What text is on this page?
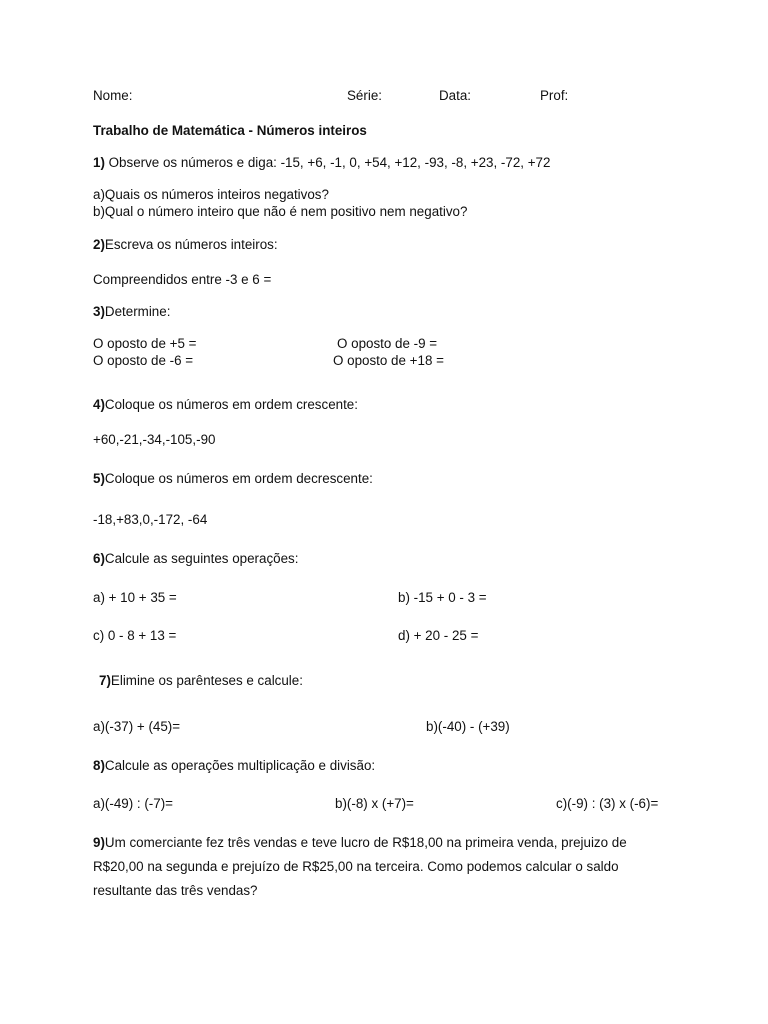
Nome:	Série:	Data:	Prof:
Trabalho de Matemática - Números inteiros
1) Observe os números e diga: -15, +6, -1, 0, +54, +12, -93, -8, +23, -72, +72
a)Quais os números inteiros negativos?
b)Qual o número inteiro que não é nem positivo nem negativo?
2)Escreva os números inteiros:
Compreendidos entre -3 e 6 =
3)Determine:
O oposto de +5 =	O oposto de -9 =
O oposto de -6 =	O oposto de +18 =
4)Coloque os números em ordem crescente:
+60,-21,-34,-105,-90
5)Coloque os números em ordem decrescente:
-18,+83,0,-172, -64
6)Calcule as seguintes operações:
a) + 10 + 35 =	b) -15 + 0 - 3 =
c) 0 - 8 + 13 =	d) + 20 - 25 =
7)Elimine os parênteses e calcule:
a)(-37) + (45)=	b)(-40) - (+39)
8)Calcule as operações multiplicação e divisão:
a)(-49) : (-7)=	b)(-8) x (+7)=	c)(-9) : (3) x (-6)=
9)Um comerciante fez três vendas e teve lucro de R$18,00 na primeira venda, prejuizo de
R$20,00 na segunda e prejuízo de R$25,00 na terceira. Como podemos calcular o saldo
resultante das três vendas?
